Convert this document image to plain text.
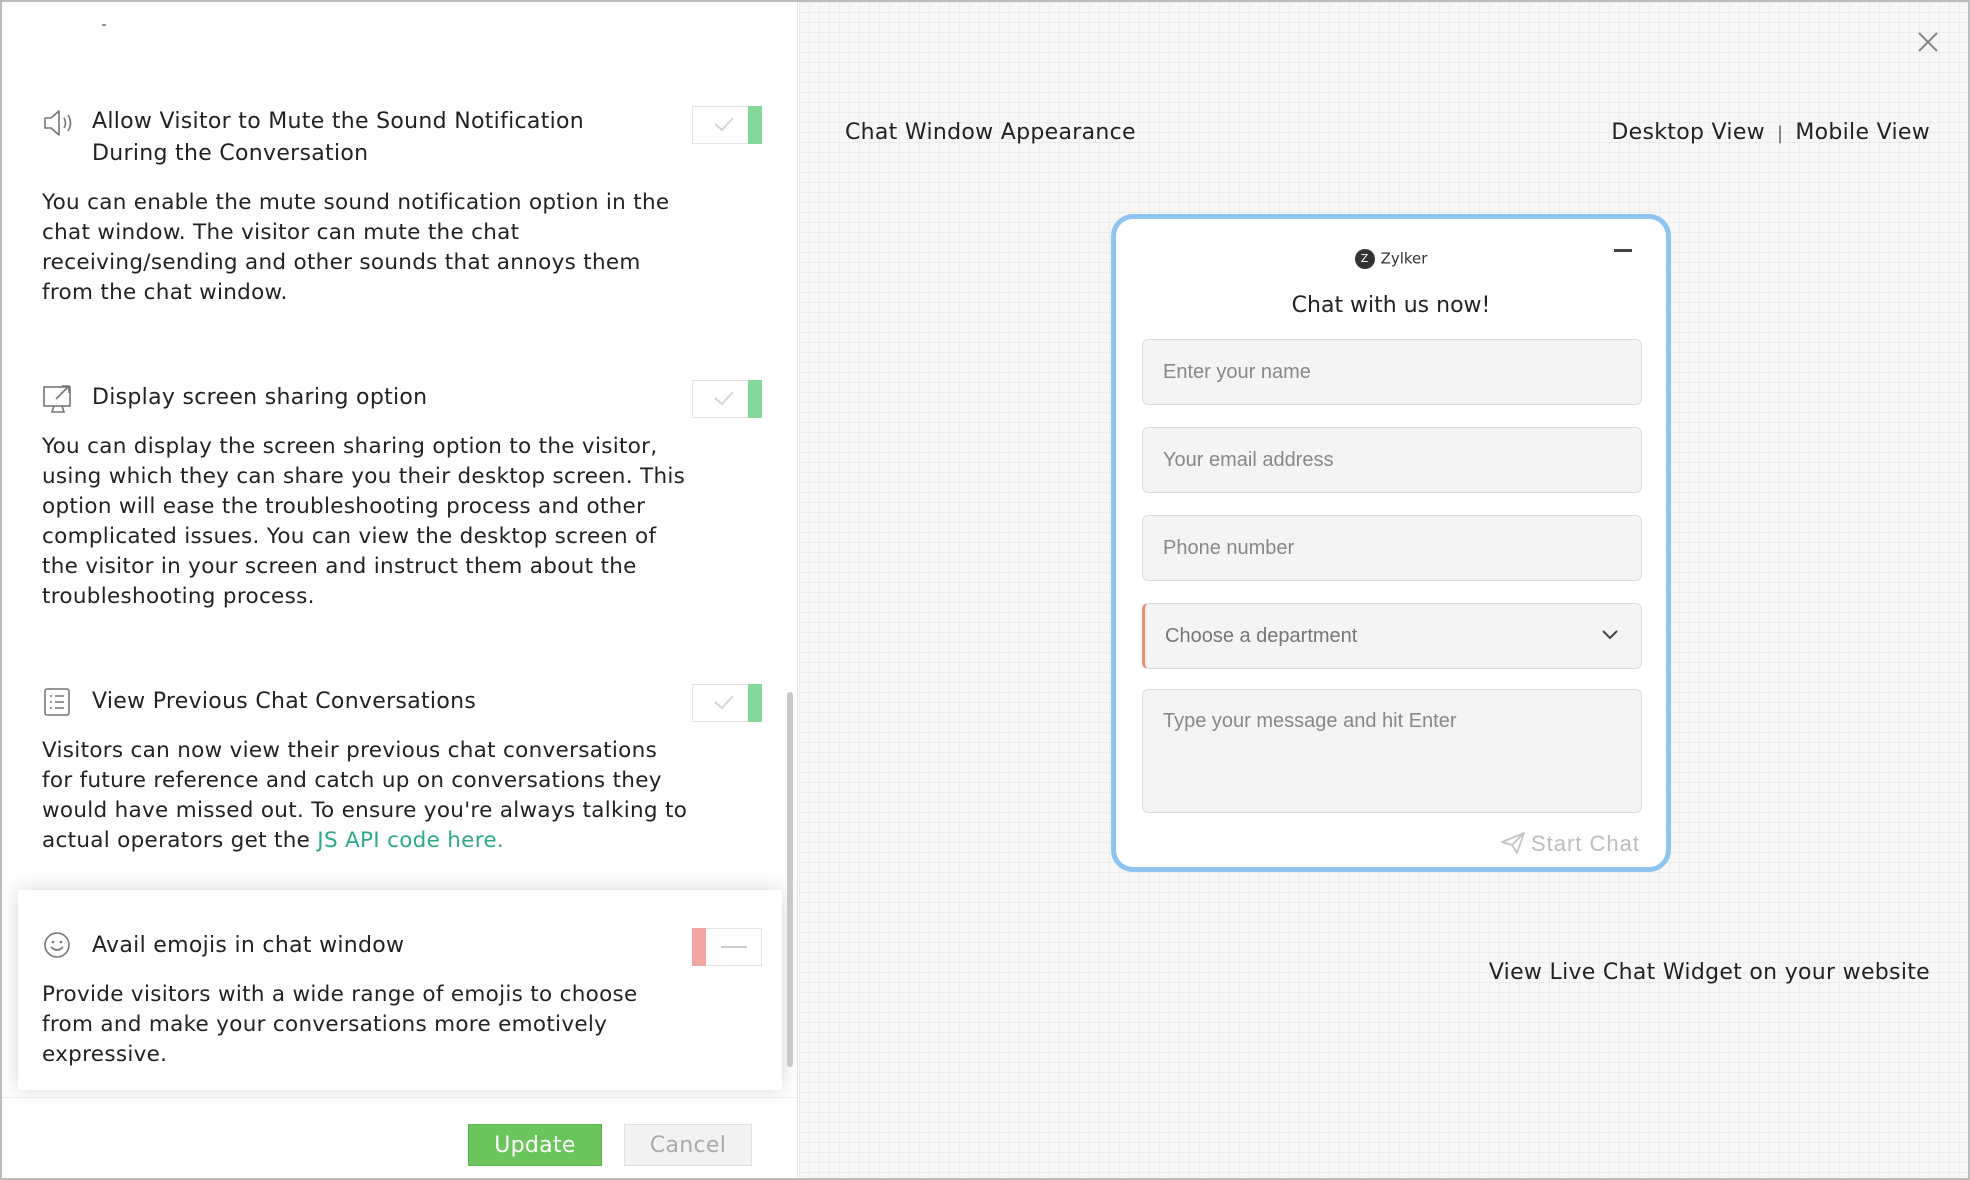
Allow Visitor to Mute the Sound Notification
During the Conversation
You can enable the mute sound notification option in the chat window. The visitor can mute the chat receiving/sending and other sounds that annoys them from the chat window.
Display screen sharing option
You can display the screen sharing option to the visitor, using which they can share you their desktop screen. This option will ease the troubleshooting process and other complicated issues. You can view the desktop screen of the visitor in your screen and instruct them about the troubleshooting process.
View Previous Chat Conversations
Visitors can now view their previous chat conversations for future reference and catch up on conversations they would have missed out. To ensure you're always talking to actual operators get the JS API code here.
Avail emojis in chat window
Provide visitors with a wide range of emojis to choose from and make your conversations more emotively expressive.
Update	Cancel
Chat Window Appearance	Desktop View | Mobile View
Z Zylker
Chat with us now!
Enter your name
Your email address
Phone number
Choose a department
Type your message and hit Enter
Start Chat
View Live Chat Widget on your website
